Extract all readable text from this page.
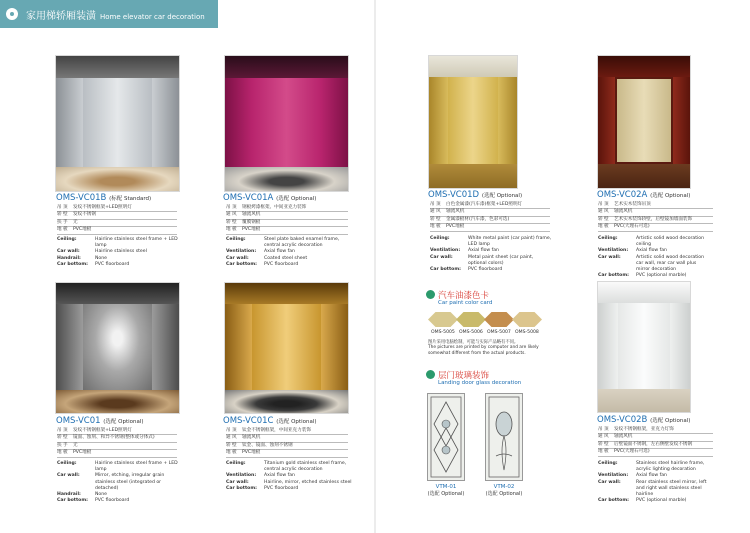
家用梯轿厢装潢 Home elevator car decoration
OMS-VC01B (标配 Standard)
吊 顶	发纹不锈钢框架+LED照明灯
轿 壁	发纹不锈钢
扶 手	无
地 板	PVC地板
Ceiling:	Hairline stainless steel frame + LED lamp
Car wall:	Hairline stainless steel
Handrail:	None
Car bottom:	PVC floorboard
OMS-VC01A (选配 Optional)
吊 顶	钢板烤漆框架、中间亚克力装饰
通 风	轴流风机
轿 壁	覆膜钢板
地 板	PVC地板
Ceiling:	Steel plate baked enamel frame, central acrylic decoration
Ventilation:	Axial flow fan
Car wall:	Coated steel sheet
Car bottom:	PVC floorboard
OMS-VC01 (选配 Optional)
吊 顶	发纹不锈钢框架+LED照明灯
轿 壁	镜面、蚀刻、和异不锈钢(整体或分体式)
扶 手	无
地 板	PVC地板
Ceiling:	Hairline stainless steel frame + LED lamp
Car wall:	Mirror, etching, irregular grain stainless steel (integrated or detached)
Handrail:	None
Car bottom:	PVC floorboard
OMS-VC01C (选配 Optional)
吊 顶	钛金不锈钢框架，中间亚克力装饰
通 风	轴流风机
轿 壁	钛金、镜面、蚀刻不锈钢
地 板	PVC地板
Ceiling:	Titanium gold stainless steel frame, central acrylic decoration
Ventilation:	Axial flow fan
Car wall:	Hairline, mirror, etched stainless steel
Car bottom:	PVC floorboard
OMS-VC01D (选配 Optional)
吊 顶	白色金属漆(汽车漆)框架+LED照明灯
通 风	轴流风机
轿 壁	金属漆板材(汽车漆，色彩可选)
地 板	PVC地板
Ceiling:	White metal paint (car paint) frame, LED lamp
Ventilation:	Axial flow fan
Car wall:	Metal paint sheet (car paint, optional colors)
Car bottom:	PVC floorboard
OMS-VC02A (选配 Optional)
吊 顶	艺术实木装饰吊顶
通 风	轴流风机
轿 壁	艺术实木装饰轿壁，后壁镜加墙面装饰
地 板	PVC(大理石可选)
Ceiling:	Artistic solid wood decoration ceiling
Ventilation:	Axial flow fan
Car wall:	Artistic solid wood decoration car wall, rear car wall plus mirror decoration
Car bottom:	PVC (optional marble)
汽车油漆色卡
Car paint color card
OMS-5005 OMS-5006 OMS-5007 OMS-5008
图片采用电脑绘制，可能与实际产品略有不同。
The pictures are printed by computer and are likely somewhat different from the actual products.
层门玻璃装饰
Landing door glass decoration
VTM-01
(选配 Optional)
VTM-02
(选配 Optional)
OMS-VC02B (选配 Optional)
吊 顶	发纹不锈钢框架，亚克力灯饰
通 风	轴流风机
轿 壁	后壁镜面不锈钢，左右侧壁发纹不锈钢
地 板	PVC(大理石可选)
Ceiling:	Stainless steel hairline frame, acrylic lighting decoration
Ventilation:	Axial flow fan
Car wall:	Rear stainless steel mirror, left and right wall stainless steel hairline
Car bottom:	PVC (optional marble)
